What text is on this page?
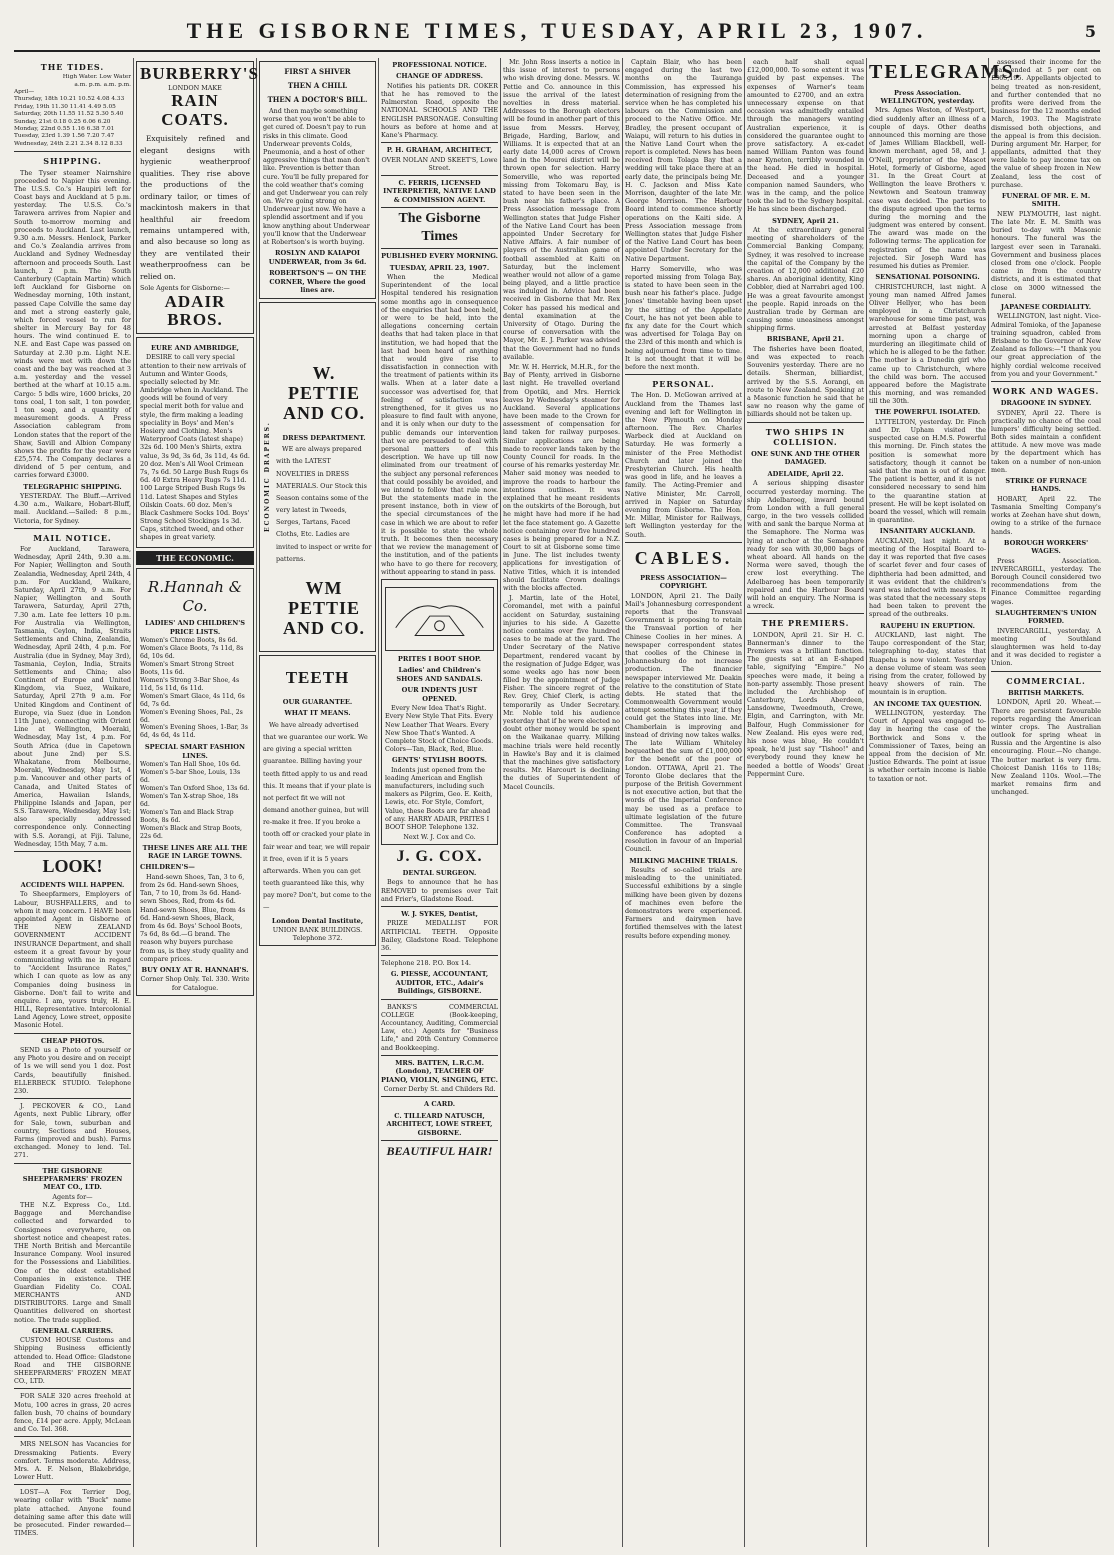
THE GISBORNE TIMES, TUESDAY, APRIL 23, 1907.	5
THE TIDES.
High Water. Low Water
a.m. p.m. a.m. p.m.
April—
Thursday, 18th 10.21 10.52 4.08 4.33
Friday, 19th 11.30 11.41 4.49 5.05
Saturday, 20th 11.55 11.52 5.30 5.40
Sunday, 21st 0.18 0.25 6.06 6.20
Monday, 22nd 0.55 1.16 6.38 7.01
Tuesday, 23rd 1.39 1.56 7.20 7.47
Wednesday, 24th 2.21 2.34 8.12 8.33
SHIPPING.

The Tyser steamer Nairnshire proceeded to Napier this evening. The U.S.S. Co.'s Haupiri left for Coast bays and Auckland at 5 p.m. yesterday. The U.S.S. Co.'s Tarawera arrives from Napier and South to-morrow morning and proceeds to Auckland. Last launch, 9.30 a.m. Messrs. Henlock, Parker and Co.'s Zealandia arrives from Auckland and Sydney Wednesday afternoon and proceeds South. Last launch, 2 p.m. The South Canterbury (Captain Martin) which left Auckland for Gisborne on Wednesday morning, 10th instant, passed Cape Colville the same day and met a strong easterly gale, which forced vessel to run for shelter in Mercury Bay for 48 hours. The wind continued E. to N.E. and East Cape was passed on Saturday at 2.30 p.m. Light N.E. winds were met with down the coast and the bay was reached at 3 a.m. yesterday and the vessel berthed at the wharf at 10.15 a.m. Cargo: 5 bdls wire, 1600 bricks, 20 tons coal, 1 ton salt, 1 ton powder, 1 ton soap, and a quantity of measurement goods. A Press Association cablegram from London states that the report of the Shaw, Savill and Albion Company shows the profits for the year were £25,574. The Company declares a dividend of 5 per centum, and carries forward £3000.

TELEGRAPHIC SHIPPING.

YESTERDAY. The Bluff.—Arrived 4.30 a.m., Waikare, Hobart-Bluff, mail. Auckland.—Sailed: 8 p.m., Victoria, for Sydney.

MAIL NOTICE.

For Auckland, Tarawera, Wednesday, April 24th, 9.30 a.m. For Napier, Wellington and South Zealandia, Wednesday, April 24th, 4 p.m. For Auckland, Waikare, Saturday, April 27th, 9 a.m. For Napier, Wellington and South Tarawera, Saturday, April 27th, 7.30 a.m. Late fee letters 10 p.m. For Australia via Wellington, Tasmania, Ceylon, India, Straits Settlements and China, Zealandia, Wednesday, April 24th, 4 p.m. For Australia (due in Sydney, May 3rd), Tasmania, Ceylon, India, Straits Settlements and China; also Continent of Europe and United Kingdom, via Suez, Waikare, Saturday, April 27th 9 a.m. For United Kingdom and Continent of Europe, via Suez (due in London 11th June), connecting with Orient Line at Wellington, Moeraki, Wednesday, May 1st, 4 p.m. For South Africa (due in Capetown about June 2nd) per S.S. Whakatane, from Melbourne, Moeraki, Wednesday, May 1st, 4 p.m. Vancouver and other parts of Canada, and United States of America, Hawaiian Islands, Philippine Islands and Japan, per S.S. Tarawera, Wednesday, May 1st; also specially addressed correspondence only. Connecting with S.S. Aorangi, at Fiji. Talune, Wednesday, 15th May, 7 a.m.

LOOK!
ACCIDENTS WILL HAPPEN.

To Sheepfarmers, Employers of Labour, BUSHFALLERS, and to whom it may concern. I HAVE been appointed Agent in Gisborne of THE NEW ZEALAND GOVERNMENT ACCIDENT INSURANCE Department, and shall esteem it a great favour by your communicating with me in regard to "Accident Insurance Rates," which I can quote as low as any Companies doing business in Gisborne. Don't fail to write and enquire. I am, yours truly, H. E. HILL, Representative. Intercolonial Land Agency, Lowe street, opposite Masonic Hotel.

CHEAP PHOTOS.

SEND us a Photo of yourself or any Photo you desire and on receipt of 1s we will send you 1 doz. Post Cards, beautifully finished. ELLERBECK STUDIO. Telephone 230.

J. PECKOVER & CO., Land Agents, next Public Library, offer for Sale, town, suburban and country, Sections and Houses, Farms (improved and bush). Farms exchanged. Money to lend. Tel. 271.

THE GISBORNE SHEEPFARMERS' FROZEN MEAT CO., LTD.
Agents for—

THE N.Z. Express Co., Ltd. Baggage and Merchandise collected and forwarded to Consignees everywhere, on shortest notice and cheapest rates. THE North British and Mercantile Insurance Company. Wool insured for the Possessions and Liabilities. One of the oldest established Companies in existence. THE Guardian Fidelity Co. COAL MERCHANTS AND DISTRIBUTORS. Large and Small Quantities delivered on shortest notice. The trade supplied.

GENERAL CARRIERS.

CUSTOM HOUSE Customs and Shipping Business efficiently attended to. Head Office: Gladstone Road and THE GISBORNE SHEEPFARMERS' FROZEN MEAT CO., LTD.

FOR SALE 320 acres freehold at Motu, 100 acres in grass, 20 acres fallen bush, 70 chains of boundary fence, £14 per acre. Apply, McLean and Co. Tel. 368.

MRS NELSON has Vacancies for Dressmaking Patients. Every comfort. Terms moderate. Address, Mrs. A. F. Nelson, Blakebridge, Lower Hutt.

LOST—A Fox Terrier Dog, wearing collar with "Buck" name plate attached. Anyone found detaining same after this date will be prosecuted. Finder rewarded—TIMES.

BURBERRY'S
LONDON MAKE
RAIN COATS.

Exquisitely refined and elegant designs with hygienic weatherproof qualities. They rise above the productions of the ordinary tailor, or times of mackintosh makers in that healthful air freedom remains untampered with, and also because so long as they are ventilated their weatherproofness can be relied on.

Sole Agents for Gisborne:—
ADAIR BROS.
EURE AND AMBRIDGE,

DESIRE to call very special attention to their new arrivals of Autumn and Winter Goods, specially selected by Mr. Ambridge when in Auckland. The goods will be found of very special merit both for value and style, the firm making a leading speciality in Boys' and Men's Hosiery and Clothing. Men's Waterproof Coats (latest shape) 32s 6d. 100 Men's Shirts, extra value, 3s 9d, 3s 6d, 3s 11d, 4s 6d. 20 doz. Men's All Wool Crimean 7s, 7s 6d. 50 Large Bush Rugs 6s 6d. 40 Extra Heavy Rugs 7s 11d. 100 Large Striped Bush Rugs 9s 11d. Latest Shapes and Styles Oilskin Coats. 60 doz. Men's Black Cashmere Socks 10d. Boys' Strong School Stockings 1s 3d. Caps, stitched tweed, and other shapes in great variety.

THE ECONOMIC.
R.Hannah & Co.
LADIES' AND CHILDREN'S PRICE LISTS.
Women's Chrome Boots, 8s 6d.
Women's Glace Boots, 7s 11d, 8s 6d, 10s 6d.
Women's Smart Strong Street Boots, 11s 6d.
Women's Strong 3-Bar Shoe, 4s 11d, 5s 11d, 6s 11d.
Women's Smart Glace, 4s 11d, 6s 6d, 7s 6d.
Women's Evening Shoes, Pal., 2s 6d.
Women's Evening Shoes, 1-Bar, 3s 6d, 4s 6d, 4s 11d.
SPECIAL SMART FASHION LINES.
Women's Tan Hall Shoe, 10s 6d.
Women's 5-bar Shoe, Louis, 13s 6d.
Women's Tan Oxford Shoe, 13s 6d.
Women's Tan X-strap Shoe, 18s 6d.
Women's Tan and Black Strap Boots, 8s 6d.
Women's Black and Strap Boots, 22s 6d.
THESE LINES ARE ALL THE RAGE IN LARGE TOWNS.
CHILDREN'S—

Hand-sewn Shoes, Tan, 3 to 6, from 2s 6d. Hand-sewn Shoes, Tan, 7 to 10, from 3s 6d. Hand-sewn Shoes, Red, from 4s 6d. Hand-sewn Shoes, Blue, from 4s 6d. Hand-sewn Shoes, Black, from 4s 6d. Boys' School Boots, 7s 6d, 8s 6d.—G brand. The reason why buyers purchase from us, is they study quality and compare prices.

BUY ONLY AT R. HANNAH'S.
Corner Shop Only. Tel. 330. Write for Catalogue.
FIRST A SHIVER
THEN A CHILL
THEN A DOCTOR'S BILL.

And then maybe something worse that you won't be able to get cured of. Doesn't pay to run risks in this climate. Good Underwear prevents Colds, Pneumonia, and a host of other aggressive things that man don't like. Prevention is better than cure. You'll be fully prepared for the cold weather that's coming and get Underwear you can rely on. We're going strong on Underwear just now. We have a splendid assortment and if you know anything about Underwear you'll know that the Underwear at Robertson's is worth buying.

ROSLYN AND KAIAPOI UNDERWEAR, from 3s 6d.
ROBERTSON'S — ON THE CORNER, Where the good lines are.
ECONOMIC DRAPERS.
W. PETTIE AND CO.
DRESS DEPARTMENT.

WE are always prepared with the LATEST NOVELTIES in DRESS MATERIALS. Our Stock this Season contains some of the very latest in Tweeds, Serges, Tartans, Faced Cloths, Etc. Ladies are invited to inspect or write for patterns.

WM PETTIE AND CO.
TEETH
OUR GUARANTEE.
WHAT IT MEANS.

We have already advertised that we guarantee our work. We are giving a special written guarantee. Billing having your teeth fitted apply to us and read this. It means that if your plate is not perfect fit we will not demand another guinea, but will re-make it free. If you broke a tooth off or cracked your plate in fair wear and tear, we will repair it free, even if it is 5 years afterwards. When you can get teeth guaranteed like this, why pay more? Don't, but come to the—

London Dental Institute,
UNION BANK BUILDINGS. Telephone 372.
PROFESSIONAL NOTICE.
CHANGE OF ADDRESS.

Notifies his patients DR. COKER that he has removed to the Palmerston Road, opposite the NATIONAL SCHOOLS AND THE ENGLISH PARSONAGE. Consulting hours as before at home and at Kane's Pharmacy.

P. H. GRAHAM, ARCHITECT,
OVER NOLAN AND SKEET'S, Lowe Street.
C. FERRIS, LICENSED INTERPRETER, NATIVE LAND & COMMISSION AGENT.
The Gisborne Times
PUBLISHED EVERY MORNING.
TUESDAY, APRIL 23, 1907.

When the Medical Superintendent of the local Hospital tendered his resignation some months ago in consequence of the enquiries that had been held, or were to be held, into the allegations concerning certain deaths that had taken place in that institution, we had hoped that the last had been heard of anything that would give rise to dissatisfaction in connection with the treatment of patients within its walls. When at a later date a successor was advertised for, that feeling of satisfaction was strengthened, for it gives us no pleasure to find fault with anyone, and it is only when our duty to the public demands our intervention that we are persuaded to deal with personal matters of this description. We have up till now eliminated from our treatment of the subject any personal references that could possibly be avoided, and we intend to follow that rule now. But the statements made in the present instance, both in view of the special circumstances of the case in which we are about to refer it is possible to state the whole truth. It becomes then necessary that we review the management of the institution, and of the patients who have to go there for recovery, without appearing to stand in pass.

PRITES I BOOT SHOP.
Ladies' and Children's SHOES AND SANDALS.
OUR INDENTS JUST OPENED.

Every New Idea That's Right. Every New Style That Fits. Every New Leather That Wears. Every New Shoe That's Wanted. A Complete Stock of Choice Goods. Colors—Tan, Black, Red, Blue.

GENTS' STYLISH BOOTS.

Indents just opened from the leading American and English manufacturers, including such makers as Pilgrim, Geo. E. Keith, Lewis, etc. For Style, Comfort, Value, these Boots are far ahead of any. HARRY ADAIR, PRITES I BOOT SHOP. Telephone 132.

Next W. J. Cox and Co.
J. G. COX.
DENTAL SURGEON.

Begs to announce that he has REMOVED to premises over Tait and Frier's, Gladstone Road.

W. J. SYKES, Dentist,

PRIZE MEDALLIST FOR ARTIFICIAL TEETH. Opposite Bailey, Gladstone Road. Telephone 36.

Telephone 218. P.O. Box 14.
G. PIESSE, ACCOUNTANT, AUDITOR, ETC., Adair's Buildings, GISBORNE.

BANKS'S COMMERCIAL COLLEGE (Book-keeping, Accountancy, Auditing, Commercial Law, etc.) Agents for "Business Life," and 20th Century Commerce and Bookkeeping.

MRS. BATTEN, L.R.C.M. (London), TEACHER OF PIANO, VIOLIN, SINGING, ETC.
Corner Derby St. and Childers Rd.
A CARD.
C. TILLEARD NATUSCH, ARCHITECT, LOWE STREET, GISBORNE.
BEAUTIFUL HAIR!

Mr. John Ross inserts a notice in this issue of interest to persons who wish droving done. Messrs. W. Pettie and Co. announce in this issue the arrival of the latest novelties in dress material. Addresses to the Borough electors will be found in another part of this issue from Messrs. Hervey, Brigade, Harding, Barlow, and Williams. It is expected that at an early date 14,000 acres of Crown land in the Mourei district will be thrown open for selection. Harry Somerville, who was reported missing from Tokomaru Bay, is stated to have been seen in the bush near his father's place. A Press Association message from Wellington states that Judge Fisher of the Native Land Court has been appointed Under Secretary for Native Affairs. A fair number of players of the Australian game of football assembled at Kaiti on Saturday, but the inclement weather would not allow of a game being played, and a little practice was indulged in. Advice had been received in Gisborne that Mr. Rex Coker has passed his medical and dental examination at the University of Otago. During the course of conversation with the Mayor, Mr. E. J. Parker was advised that the Government had no funds available.

Mr. W. H. Herrick, M.H.R., for the Bay of Plenty, arrived in Gisborne last night. He travelled overland from Opotiki, and Mrs. Herrick leaves by Wednesday's steamer for Auckland. Several applications have been made to the Crown for assessment of compensation for land taken for railway purposes. Similar applications are being made to recover lands taken by the County Council for roads. In the course of his remarks yesterday Mr. Maher said money was needed to improve the roads to harbour the intentions outlines. It was explained that he meant residents on the outskirts of the Borough, but he might have had more if he had let the face statement go. A Gazette notice containing over five hundred cases is being prepared for a N.Z. Court to sit at Gisborne some time in June. The list includes twenty applications for investigation of Native Titles, which it is intended should facilitate Crown dealings with the blocks affected.

J. Martin, late of the Hotel, Coromandel, met with a painful accident on Saturday, sustaining injuries to his side. A Gazette notice contains over five hundred cases to be made at the yard. The Under Secretary of the Native Department, rendered vacant by the resignation of Judge Edger, was some weeks ago has now been filled by the appointment of Judge Fisher. The sincere regret of the Rev. Grey, Chief Clerk, is acting temporarily as Under Secretary. Mr. Noble told his audience yesterday that if he were elected no doubt other money would be spent on the Waikanae quarry. Milking machine trials were held recently in Hawke's Bay and it is claimed that the machines give satisfactory results. Mr. Harcourt is declining the duties of Superintendent of Macel Councils.

Captain Blair, who has been engaged during the last two months on the Tauranga Commission, has expressed his determination of resigning from the service when he has completed his labours on the Commission and proceed to the Native Office. Mr. Bradley, the present occupant of Waiapu, will return to his duties in the Native Land Court when the report is completed. News has been received from Tolaga Bay that a wedding will take place there at an early date, the principals being Mr. H. C. Jackson and Miss Kate Morrison, daughter of the late Mr. George Morrison. The Harbour Board intend to commence shortly operations on the Kaiti side. A Press Association message from Wellington states that Judge Fisher of the Native Land Court has been appointed Under Secretary for the Native Department.

Harry Somerville, who was reported missing from Tolaga Bay, is stated to have been seen in the bush near his father's place. Judge Jones' timetable having been upset by the sitting of the Appellate Court, he has not yet been able to fix any date for the Court which was advertised for Tolaga Bay on the 23rd of this month and which is being adjourned from time to time. It is not thought that it will be before the next month.

PERSONAL.

The Hon. D. McGowan arrived at Auckland from the Thames last evening and left for Wellington in the New Plymouth on Monday afternoon. The Rev. Charles Warbeck died at Auckland on Saturday. He was formerly a minister of the Free Methodist Church and later joined the Presbyterian Church. His health was good in life, and he leaves a family. The Acting-Premier and Native Minister, Mr. Carroll, arrived in Napier on Saturday evening from Gisborne. The Hon. Mr. Millar, Minister for Railways, left Wellington yesterday for the South.

CABLES.
PRESS ASSOCIATION—COPYRIGHT.

LONDON, April 21. The Daily Mail's Johannesburg correspondent reports that the Transvaal Government is proposing to retain the Transvaal portion of her Chinese Coolies in her mines. A newspaper correspondent states that coolies of the Chinese in Johannesburg do not increase production. The financier newspaper interviewed Mr. Deakin relative to the constitution of State debts. He stated that the Commonwealth Government would attempt something this year, if they could get the States into line. Mr. Chamberlain is improving and instead of driving now takes walks. The late William Whiteley bequeathed the sum of £1,000,000 for the benefit of the poor of London. OTTAWA, April 21. The Toronto Globe declares that the purpose of the British Government is not executive action, but that the words of the Imperial Conference may be used as a preface to ultimate legislation of the future Committee. The Transvaal Conference has adopted a resolution in favour of an Imperial Council.

MILKING MACHINE TRIALS.

Results of so-called trials are misleading to the uninitiated. Successful exhibitions by a single milking have been given by dozens of machines even before the demonstrators were experienced. Farmers and dairymen have fortified themselves with the latest results before expending money.

each half shall equal £12,000,000. To some extent it was guided by past expenses. The expenses of Warner's team amounted to £2700, and an extra unnecessary expense on that occasion was admittedly entailed through the managers wanting Australian experience, it is considered the guarantee ought to prove satisfactory. A ex-cadet named William Panton was found near Kyneton, terribly wounded in the head. He died in hospital. Deceased and a younger companion named Saunders, who was in the camp, and the police took the lad to the Sydney hospital. He has since been discharged.

SYDNEY, April 21.

At the extraordinary general meeting of shareholders of the Commercial Banking Company, Sydney, it was resolved to increase the capital of the Company by the creation of 12,000 additional £20 shares. An aboriginal identity, King Cobbler, died at Narrabri aged 100. He was a great favourite amongst the people. Rapid inroads on the Australian trade by German are causing some uneasiness amongst shipping firms.

BRISBANE, April 21.

The fisheries have been floated, and was expected to reach Souvenirs yesterday. There are no details. Sherman, billiardist, arrived by the S.S. Aorangi, en route to New Zealand. Speaking at a Masonic function he said that he saw no reason why the game of billiards should not be taken up.

TWO SHIPS IN COLLISION.
ONE SUNK AND THE OTHER DAMAGED.
ADELAIDE, April 22.

A serious shipping disaster occurred yesterday morning. The ship Adelbaroeg, inward bound from London with a full general cargo, in the two vessels collided with and sank the barque Norma at the Semaphore. The Norma was lying at anchor at the Semaphore ready for sea with 30,000 bags of wheat aboard. All hands on the Norma were saved, though the crew lost everything. The Adelbaroeg has been temporarily repaired and the Harbour Board will hold an enquiry. The Norma is a wreck.

THE PREMIERS.

LONDON, April 21. Sir H. C. Bannerman's dinner to the Premiers was a brilliant function. The guests sat at an E-shaped table, signifying "Empire." No speeches were made, it being a non-party assembly. Those present included the Archbishop of Canterbury, Lords Aberdeen, Lansdowne, Tweedmouth, Crewe, Elgin, and Carrington, with Mr. Balfour, Hugh Commissioner for New Zealand. His eyes were red, his nose was blue, He couldn't speak, he'd just say "Tishoo!" and everybody round they knew he needed a bottle of Woods' Great Peppermint Cure.

TELEGRAMS.
Press Association. WELLINGTON, yesterday.

Mrs. Agnes Weston, of Westport, died suddenly after an illness of a couple of days. Other deaths announced this morning are those of James William Blackbell, well-known merchant, aged 58, and J. O'Neill, proprietor of the Mascot Hotel, formerly of Gisborne, aged 31. In the Great Court at Wellington the leave Brothers v. Newtown and Seatoun tramway case was decided. The parties to the dispute agreed upon the terms during the morning and the judgment was entered by consent. The award was made on the following terms: The application for registration of the name was rejected. Sir Joseph Ward has resumed his duties as Premier.

SENSATIONAL POISONING.

CHRISTCHURCH, last night. A young man named Alfred James Oliver Hellyer, who has been employed in a Christchurch warehouse for some time past, was arrested at Belfast yesterday morning upon a charge of murdering an illegitimate child of which he is alleged to be the father. The mother is a Dunedin girl who came up to Christchurch, where the child was born. The accused appeared before the Magistrate this morning, and was remanded till the 30th.

THE POWERFUL ISOLATED.

LYTTELTON, yesterday. Dr. Finch and Dr. Upham visited the suspected case on H.M.S. Powerful this morning. Dr. Finch states the position is somewhat more satisfactory, though it cannot be said that the man is out of danger. The patient is better, and it is not considered necessary to send him to the quarantine station at present. He will be kept isolated on board the vessel, which will remain in quarantine.

INSANITARY AUCKLAND.

AUCKLAND, last night. At a meeting of the Hospital Board to-day it was reported that five cases of scarlet fever and four cases of diphtheria had been admitted, and it was evident that the children's ward was infected with measles. It was stated that the necessary steps had been taken to prevent the spread of the outbreaks.

RAUPEHU IN ERUPTION.

AUCKLAND, last night. The Taupo correspondent of the Star, telegraphing to-day, states that Ruapehu is now violent. Yesterday a dense volume of steam was seen rising from the crater, followed by heavy showers of rain. The mountain is in eruption.

AN INCOME TAX QUESTION.

WELLINGTON, yesterday. The Court of Appeal was engaged to-day in hearing the case of the Borthwick and Sons v. the Commissioner of Taxes, being an appeal from the decision of Mr. Justice Edwards. The point at issue is whether certain income is liable to taxation or not.

assessed their income for the year ended at 5 per cent on £365,195. Appellants objected to being treated as non-resident, and further contended that no profits were derived from the business for the 12 months ended March, 1903. The Magistrate dismissed both objections, and the appeal is from this decision. During argument Mr. Harper, for appellants, admitted that they were liable to pay income tax on the value of sheep frozen in New Zealand, less the cost of purchase.

FUNERAL OF MR. E. M. SMITH.

NEW PLYMOUTH, last night. The late Mr. E. M. Smith was buried to-day with Masonic honours. The funeral was the largest ever seen in Taranaki. Government and business places closed from one o'clock. People came in from the country districts, and it is estimated that close on 3000 witnessed the funeral.

JAPANESE CORDIALITY.

WELLINGTON, last night. Vice-Admiral Tomioka, of the Japanese training squadron, cabled from Brisbane to the Governor of New Zealand as follows:—"I thank you our great appreciation of the highly cordial welcome received from you and your Government."

WORK AND WAGES.
DRAGOONE IN SYDNEY.

SYDNEY, April 22. There is practically no chance of the coal lumpers' difficulty being settled. Both sides maintain a confident attitude. A new move was made by the department which has taken on a number of non-union men.

STRIKE OF FURNACE HANDS.

HOBART, April 22. The Tasmania Smelting Company's works at Zeehan have shut down, owing to a strike of the furnace hands.

BOROUGH WORKERS' WAGES.

Press Association. INVERCARGILL, yesterday. The Borough Council considered two recommendations from the Finance Committee regarding wages.

SLAUGHTERMEN'S UNION FORMED.

INVERCARGILL, yesterday. A meeting of Southland slaughtermen was held to-day and it was decided to register a Union.

COMMERCIAL.
BRITISH MARKETS.

LONDON, April 20. Wheat.—There are persistent favourable reports regarding the American winter crops. The Australian outlook for spring wheat in Russia and the Argentine is also encouraging. Flour.—No change. The butter market is very firm. Choicest Danish 116s to 118s; New Zealand 110s. Wool.—The market remains firm and unchanged.
